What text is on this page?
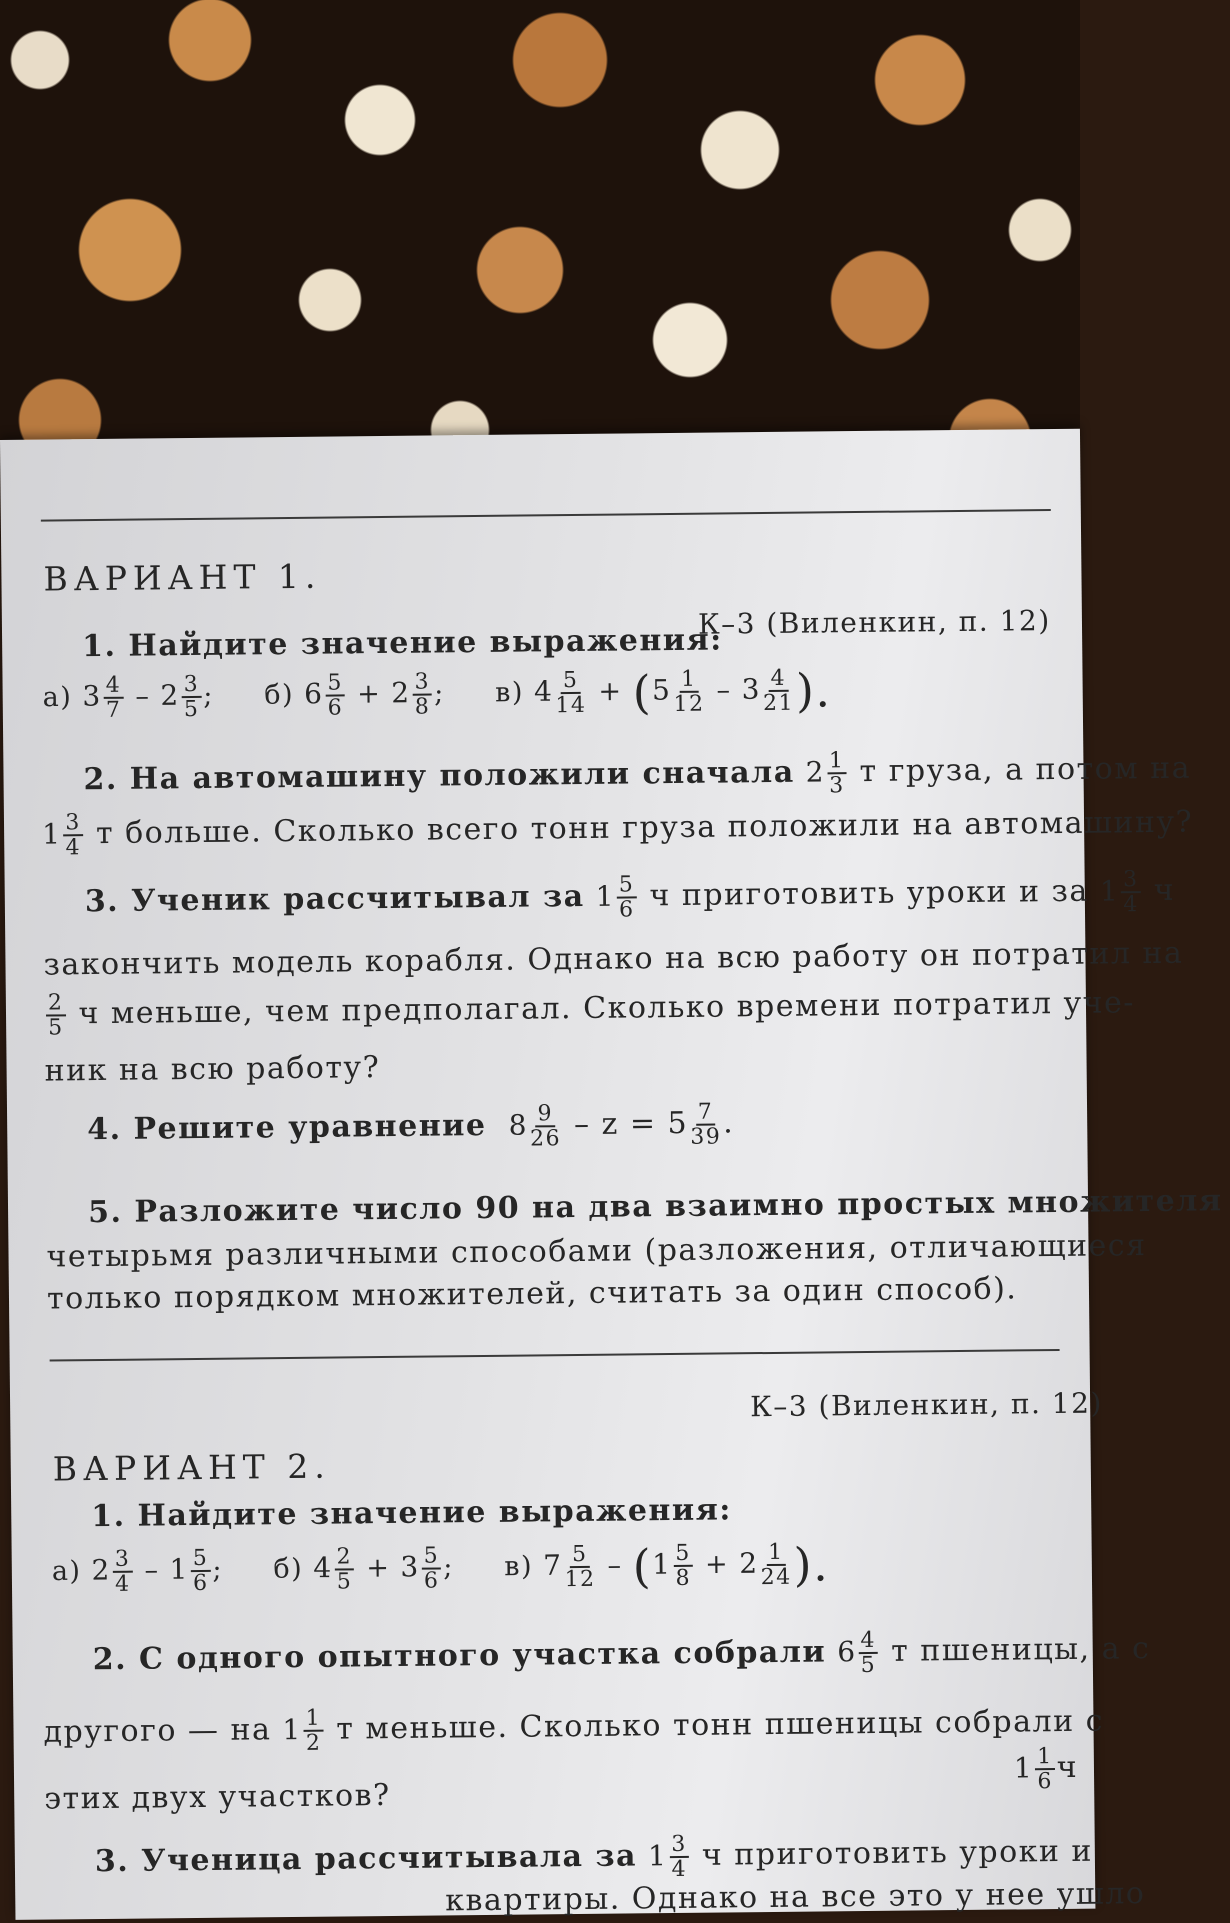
ВАРИАНТ 1.
К–3 (Виленкин, п. 12)
1. Найдите значение выражения:
а) $3 \frac{4}{7} - 2 \frac{3}{5}$ ; б) $6 \frac{5}{6} + 2 \frac{3}{8}$ ; в) $4 \frac{5}{14} + (5 \frac{1}{12} - 3 \frac{4}{21}$ ).
2. На автомашину положили сначала $2 \frac{1}{3}$ т груза, а потом на
$1 \frac{3}{4}$ т больше. Сколько всего тонн груза положили на автомашину?
3. Ученик рассчитывал за $1 \frac{5}{6}$ ч приготовить уроки и за $1 \frac{3}{4}$ ч
закончить модель корабля. Однако на всю работу он потратил на
$\frac{2}{5}$ ч меньше, чем предполагал. Сколько времени потратил уче-
ник на всю работу?
4. Решите уравнение $8 \frac{9}{26} - z = 5 \frac{7}{39}$ .
5. Разложите число 90 на два взаимно простых множителя
четырьмя различными способами (разложения, отличающиеся
только порядком множителей, считать за один способ).
К–3 (Виленкин, п. 12)
ВАРИАНТ 2.
1. Найдите значение выражения:
а) $2 \frac{3}{4} - 1 \frac{5}{6}$ ; б) $4 \frac{2}{5} + 3 \frac{5}{6}$ ; в) $7 \frac{5}{12} - (1 \frac{5}{8} + 2 \frac{1}{24}$ ).
2. С одного опытного участка собрали $6 \frac{4}{5}$ т пшеницы, а с
другого — на $1 \frac{1}{2}$ т меньше. Сколько тонн пшеницы собрали с
этих двух участков?
$1 \frac{1}{6}$ ч
3. Ученица рассчитывала за $1 \frac{3}{4}$ ч приготовить уроки и
квартиры. Однако на все это у нее ушло
